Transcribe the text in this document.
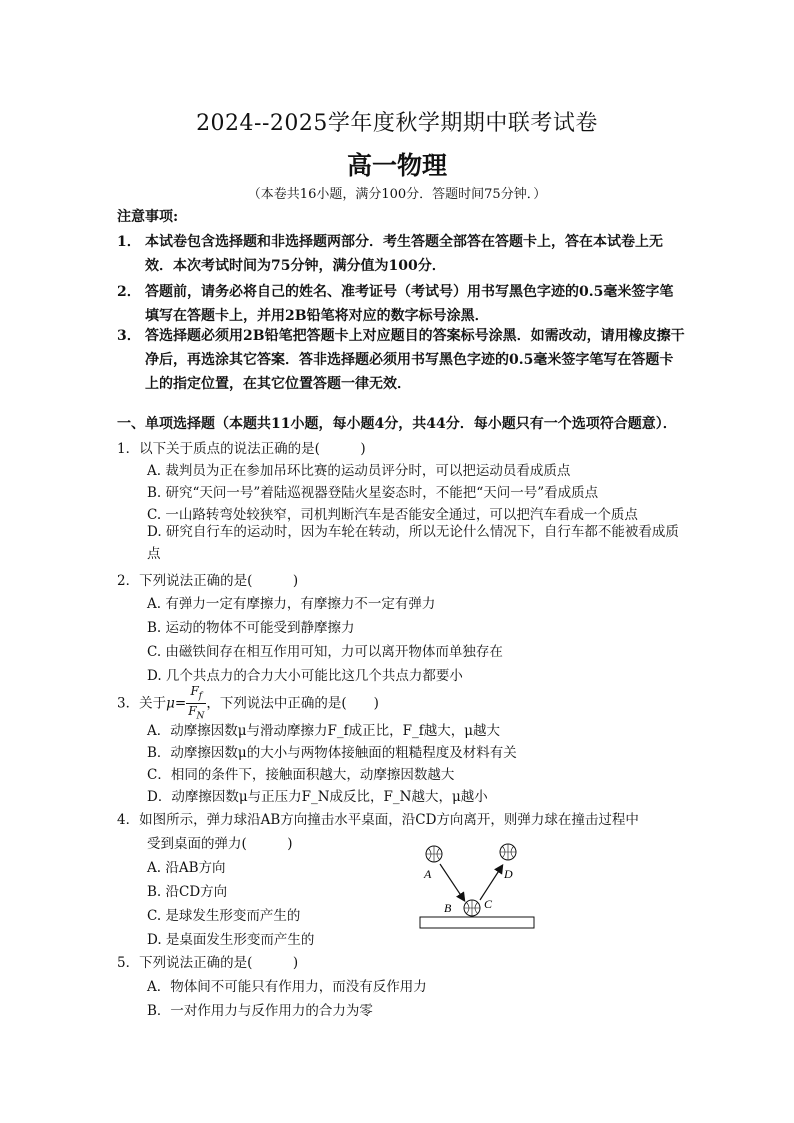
2024--2025学年度秋学期期中联考试卷
高一物理
（本卷共16小题，满分100分．答题时间75分钟．）
注意事项:
1． 本试卷包含选择题和非选择题两部分．考生答题全部答在答题卡上，答在本试卷上无效．本次考试时间为75分钟，满分值为100分．
2． 答题前，请务必将自己的姓名、准考证号（考试号）用书写黑色字迹的0.5毫米签字笔填写在答题卡上，并用2B铅笔将对应的数字标号涂黑．
3． 答选择题必须用2B铅笔把答题卡上对应题目的答案标号涂黑．如需改动，请用橡皮擦干净后，再选涂其它答案．答非选择题必须用书写黑色字迹的0.5毫米签字笔写在答题卡上的指定位置，在其它位置答题一律无效．
一、单项选择题（本题共11小题，每小题4分，共44分．每小题只有一个选项符合题意）．
1．以下关于质点的说法正确的是(　　　)
A. 裁判员为正在参加吊环比赛的运动员评分时，可以把运动员看成质点
B. 研究“天问一号”着陆巡视器登陆火星姿态时，不能把“天问一号”看成质点
C. 一山路转弯处较狭窄，司机判断汽车是否能安全通过，可以把汽车看成一个质点
D. 研究自行车的运动时，因为车轮在转动，所以无论什么情况下，自行车都不能被看成质点
2．下列说法正确的是(　　　)
A. 有弹力一定有摩擦力，有摩擦力不一定有弹力
B. 运动的物体不可能受到静摩擦力
C. 由磁铁间存在相互作用可知，力可以离开物体而单独存在
D. 几个共点力的合力大小可能比这几个共点力都要小
3．关于$\mu= \frac{F_f}{F_N}$ ，下列说法中正确的是(　　)
A．动摩擦因数μ与滑动摩擦力F_f成正比，F_f越大，μ越大
B．动摩擦因数μ的大小与两物体接触面的粗糙程度及材料有关
C．相同的条件下，接触面积越大，动摩擦因数越大
D．动摩擦因数μ与正压力F_N成反比，F_N越大，μ越小
4．如图所示，弹力球沿AB方向撞击水平桌面，沿CD方向离开，则弹力球在撞击过程中
受到桌面的弹力(　　　)
A. 沿AB方向
B. 沿CD方向
C. 是球发生形变而产生的
D. 是桌面发生形变而产生的
A
B	C
D
5．下列说法正确的是(　　　)
A．物体间不可能只有作用力，而没有反作用力
B．一对作用力与反作用力的合力为零
